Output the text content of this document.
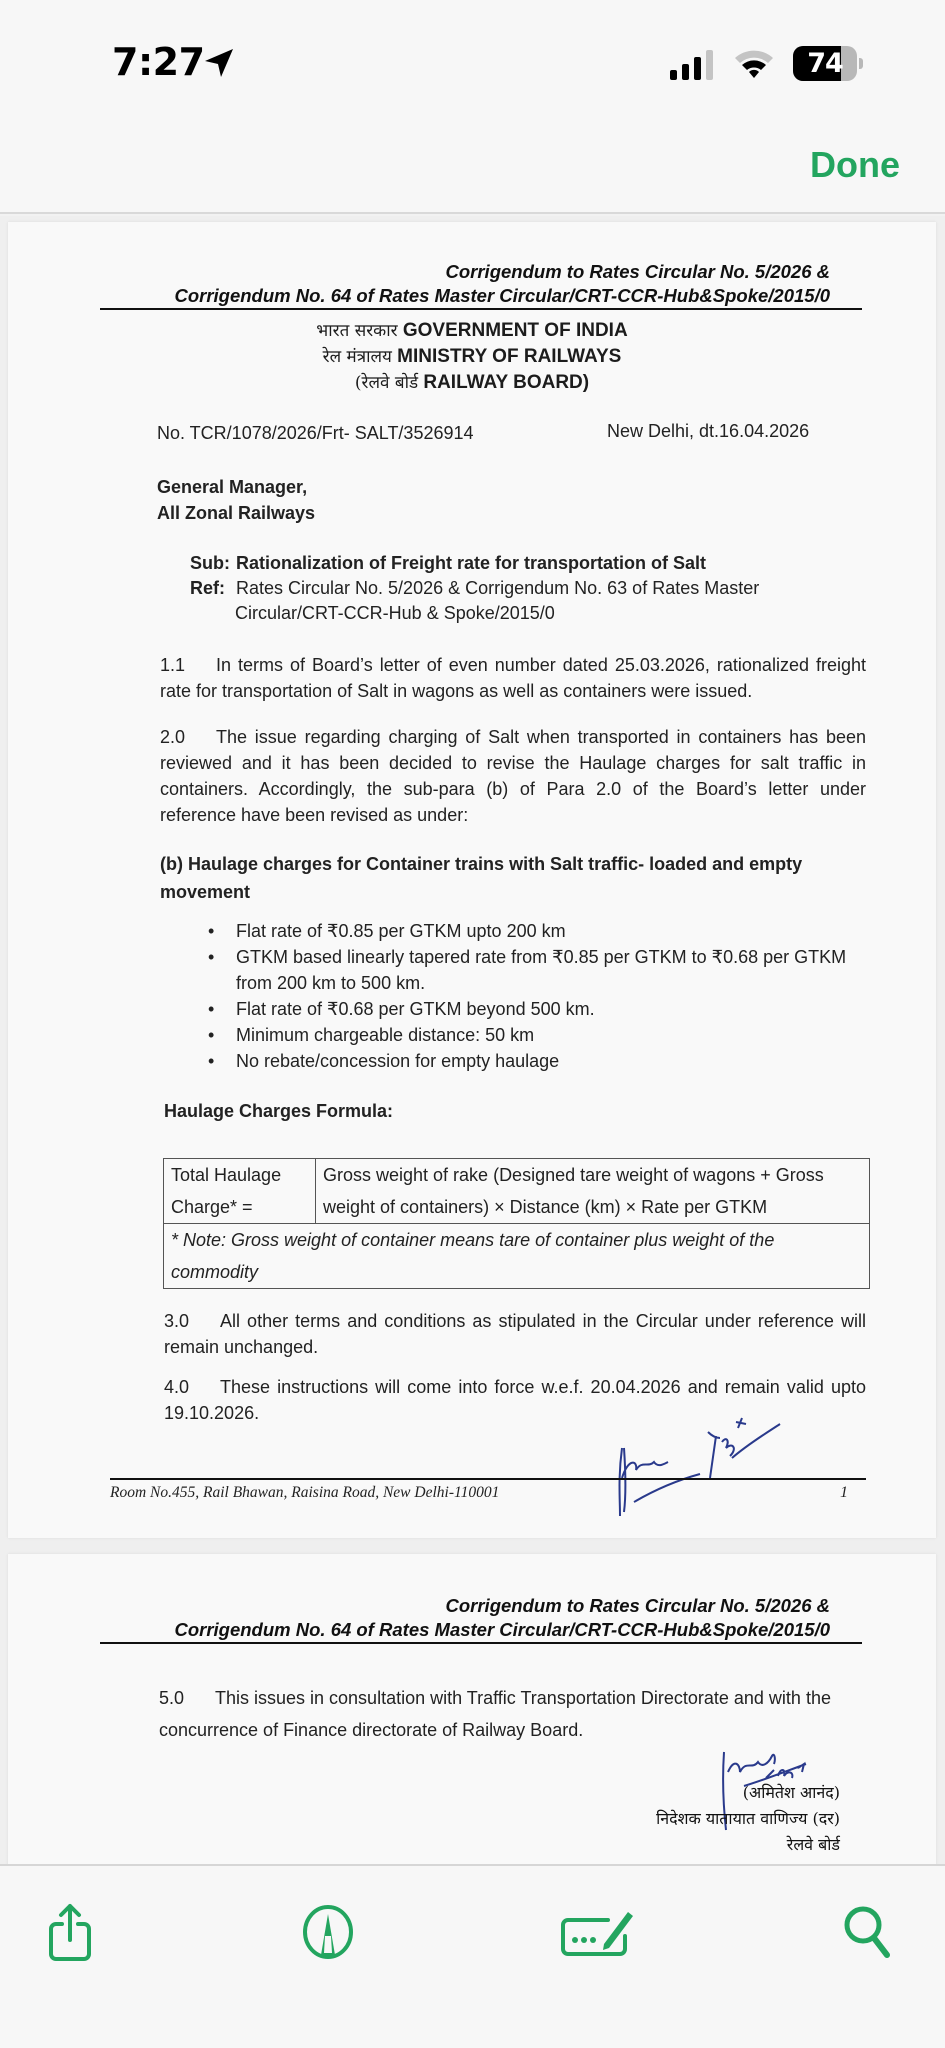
7:27	74
Done
Corrigendum to Rates Circular No. 5/2026 &
Corrigendum No. 64 of Rates Master Circular/CRT-CCR-Hub&Spoke/2015/0
भारत सरकार GOVERNMENT OF INDIA
रेल मंत्रालय MINISTRY OF RAILWAYS
(रेलवे बोर्ड RAILWAY BOARD)
No. TCR/1078/2026/Frt- SALT/3526914	New Delhi, dt.16.04.2026
General Manager,
All Zonal Railways
Sub: Rationalization of Freight rate for transportation of Salt
Ref: Rates Circular No. 5/2026 & Corrigendum No. 63 of Rates Master
Circular/CRT-CCR-Hub & Spoke/2015/0
1.1 In terms of Board’s letter of even number dated 25.03.2026, rationalized freight rate for transportation of Salt in wagons as well as containers were issued.
2.0 The issue regarding charging of Salt when transported in containers has been reviewed and it has been decided to revise the Haulage charges for salt traffic in containers. Accordingly, the sub-para (b) of Para 2.0 of the Board’s letter under reference have been revised as under:
(b) Haulage charges for Container trains with Salt traffic- loaded and empty movement
• Flat rate of ₹0.85 per GTKM upto 200 km
• GTKM based linearly tapered rate from ₹0.85 per GTKM to ₹0.68 per GTKM from 200 km to 500 km.
• Flat rate of ₹0.68 per GTKM beyond 500 km.
• Minimum chargeable distance: 50 km
• No rebate/concession for empty haulage
Haulage Charges Formula:
Total Haulage Charge* =	Gross weight of rake (Designed tare weight of wagons + Gross weight of containers) × Distance (km) × Rate per GTKM
* Note: Gross weight of container means tare of container plus weight of the commodity
3.0 All other terms and conditions as stipulated in the Circular under reference will remain unchanged.
4.0 These instructions will come into force w.e.f. 20.04.2026 and remain valid upto 19.10.2026.
Room No.455, Rail Bhawan, Raisina Road, New Delhi-110001	1
Corrigendum to Rates Circular No. 5/2026 &
Corrigendum No. 64 of Rates Master Circular/CRT-CCR-Hub&Spoke/2015/0
5.0 This issues in consultation with Traffic Transportation Directorate and with the concurrence of Finance directorate of Railway Board.
(अमितेश आनंद)
निदेशक यातायात वाणिज्य (दर)
रेलवे बोर्ड
